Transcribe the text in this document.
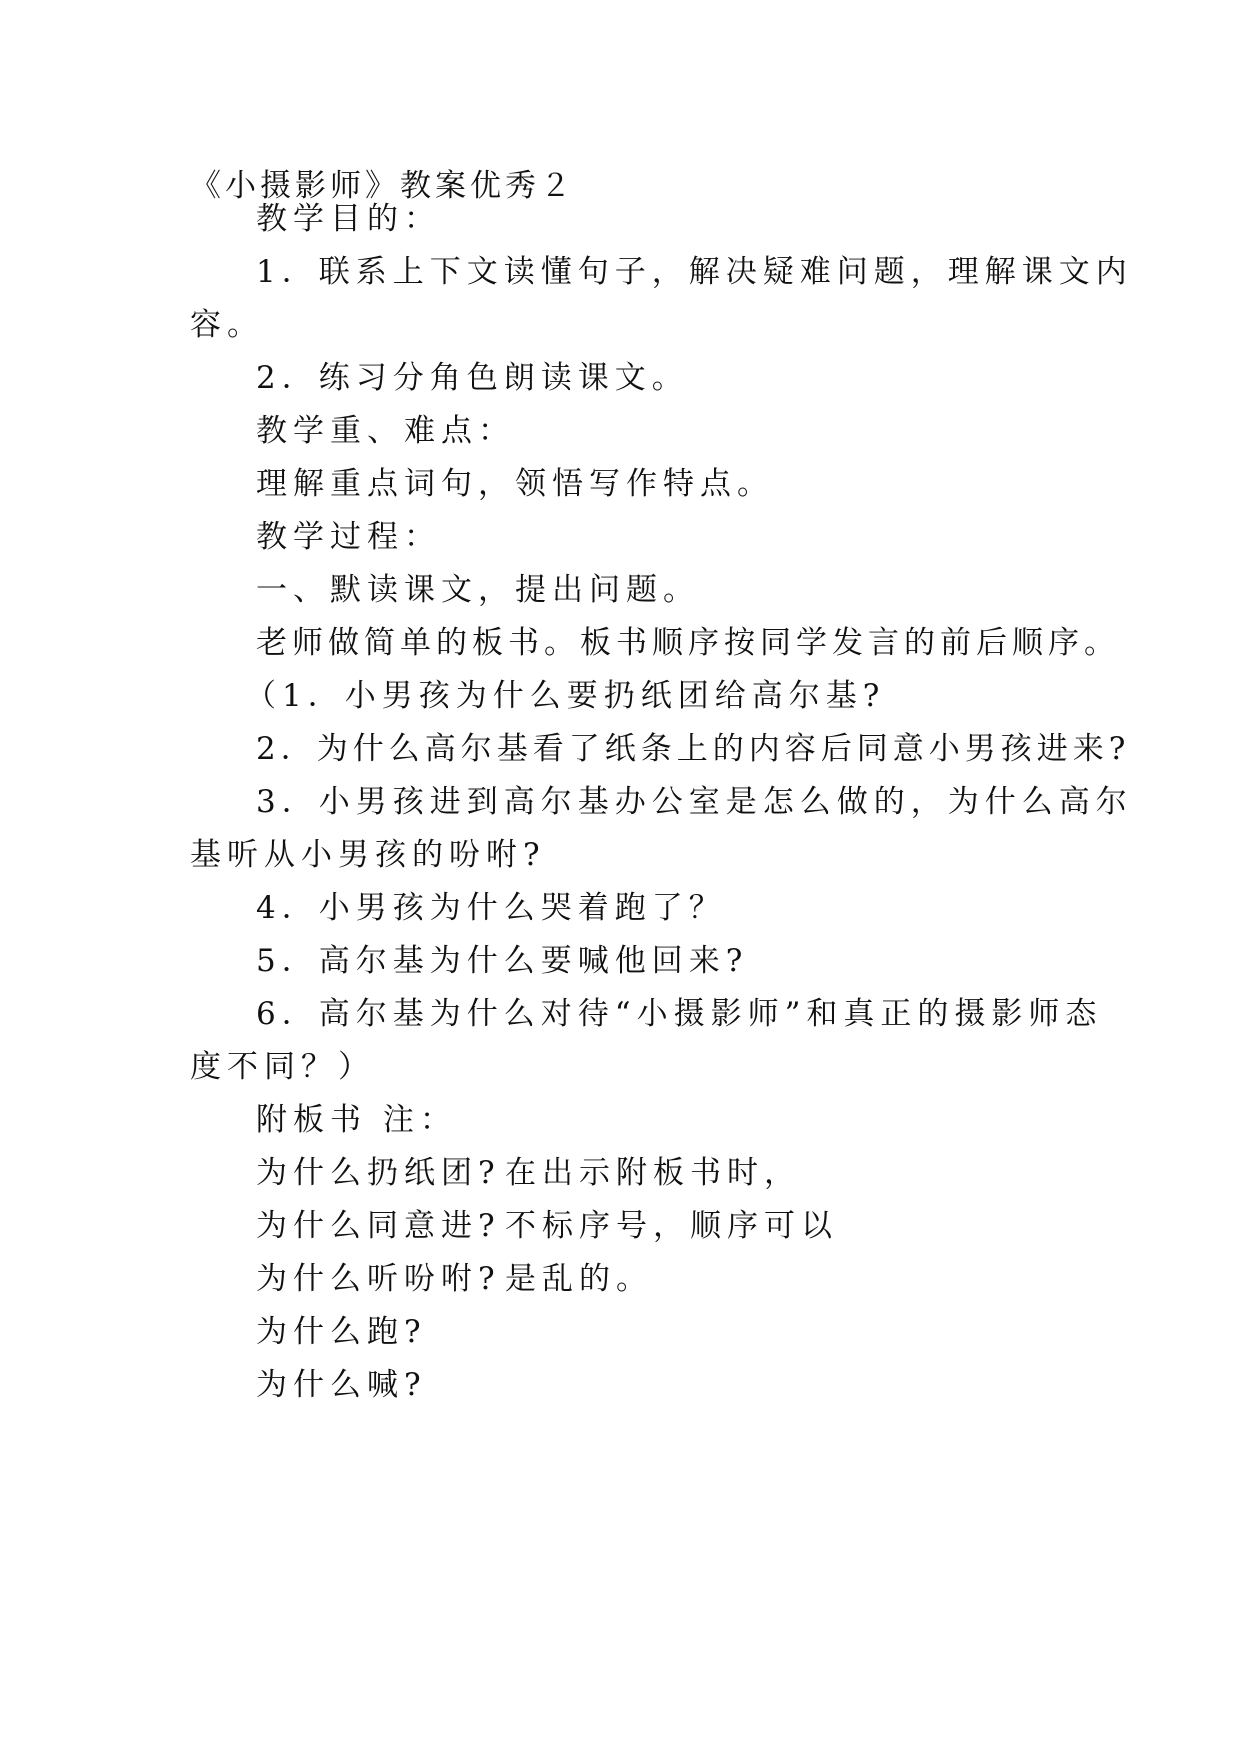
《小摄影师》教案优秀２
教学目的：
1．联系上下文读懂句子，解决疑难问题，理解课文内
容。
2．练习分角色朗读课文。
教学重、难点：
理解重点词句，领悟写作特点。
教学过程：
一、默读课文，提出问题。
老师做简单的板书。板书顺序按同学发言的前后顺序。
（1．小男孩为什么要扔纸团给高尔基?
2．为什么高尔基看了纸条上的内容后同意小男孩进来?
3．小男孩进到高尔基办公室是怎么做的，为什么高尔
基听从小男孩的吩咐?
4．小男孩为什么哭着跑了？
5．高尔基为什么要喊他回来?
6．高尔基为什么对待“小摄影师”和真正的摄影师态
度不同？）
附板书 注：
为什么扔纸团? 在出示附板书时，
为什么同意进? 不标序号，顺序可以
为什么听吩咐? 是乱的。
为什么跑?
为什么喊?
